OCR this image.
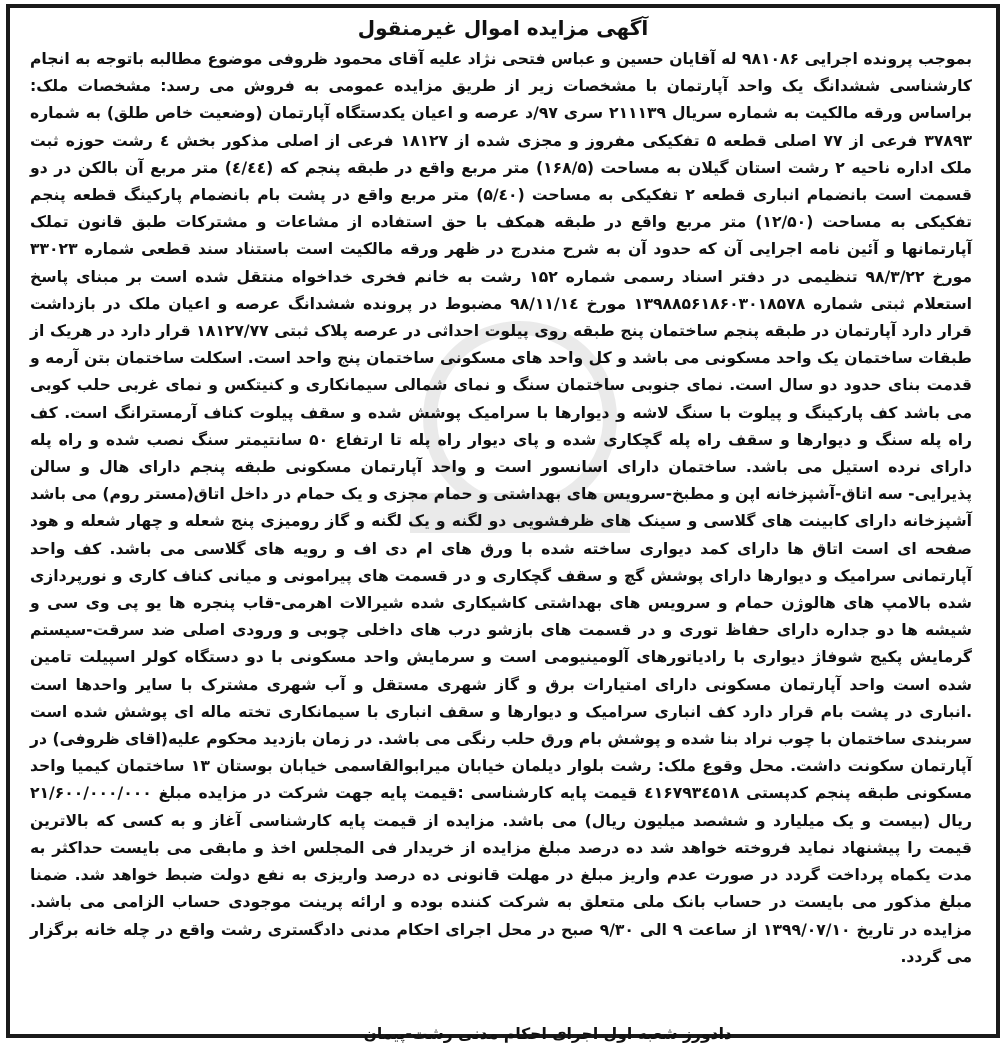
آگهی مزایده اموال غیرمنقول
بموجب پرونده اجرایی ۹۸۱۰۸۶ له آقایان حسین و عباس فتحی نژاد علیه آقای محمود ظروفی موضوع مطالبه باتوجه به انجام کارشناسی ششدانگ یک واحد آپارتمان با مشخصات زیر از طریق مزایده عمومی به فروش می رسد: مشخصات ملک: براساس ورقه مالکیت به شماره سریال ۲۱۱۱۳۹ سری ۹۷/د عرصه و اعیان یکدستگاه آپارتمان (وضعیت خاص طلق) به شماره ۳۷۸۹۳ فرعی از ۷۷ اصلی قطعه ۵ تفکیکی مفروز و مجزی شده از ۱۸۱۲۷ فرعی از اصلی مذکور بخش ٤ رشت حوزه ثبت ملک اداره ناحیه ۲ رشت استان گیلان به مساحت (۱۶۸/۵) متر مربع واقع در طبقه پنجم که (٤/٤٤) متر مربع آن بالکن در دو قسمت است بانضمام انباری قطعه ۲ تفکیکی به مساحت (۵/٤۰) متر مربع واقع در پشت بام بانضمام پارکینگ قطعه پنجم تفکیکی به مساحت (۱۲/۵۰) متر مربع واقع در طبقه همکف با حق استفاده از مشاعات و مشترکات طبق قانون تملک آپارتمانها و آئین نامه اجرایی آن که حدود آن به شرح مندرج در ظهر ورقه مالکیت است باستناد سند قطعی شماره ۳۳۰۲۳ مورخ ۹۸/۳/۲۲ تنظیمی در دفتر اسناد رسمی شماره ۱۵۲ رشت به خانم فخری خداخواه منتقل شده است بر مبنای پاسخ استعلام ثبتی شماره ۱۳۹۸۸۵۶۱۸۶۰۳۰۱۸۵۷۸ مورخ ۹۸/۱۱/۱٤ مضبوط در پرونده ششدانگ عرصه و اعیان ملک در بازداشت قرار دارد آپارتمان در طبقه پنجم ساختمان پنج طبقه روی پیلوت احداثی در عرصه پلاک ثبتی ۱۸۱۲۷/۷۷ قرار دارد در هریک از طبقات ساختمان یک واحد مسکونی می باشد و کل واحد های مسکونی ساختمان پنج واحد است. اسکلت ساختمان بتن آرمه و قدمت بنای حدود دو سال است. نمای جنوبی ساختمان سنگ و نمای شمالی سیمانکاری و کنیتکس و نمای غربی حلب کوبی می باشد کف پارکینگ و پیلوت با سنگ لاشه و دیوارها با سرامیک پوشش شده و سقف پیلوت کناف آرمسترانگ است. کف راه پله سنگ و دیوارها و سقف راه پله گچکاری شده و پای دیوار راه پله تا ارتفاع ۵۰ سانتیمتر سنگ نصب شده و راه پله دارای نرده استیل می باشد. ساختمان دارای اسانسور است و واحد آپارتمان مسکونی طبقه پنجم دارای هال و سالن پذیرایی- سه اتاق-آشپزخانه اپن و مطبخ-سرویس های بهداشتی و حمام مجزی و یک حمام در داخل اتاق(مستر روم) می باشد آشپزخانه دارای کابینت های گلاسی و سینک های ظرفشویی دو لگنه و یک لگنه و گاز رومیزی پنج شعله و چهار شعله و هود صفحه ای است اتاق ها دارای کمد دیواری ساخته شده با ورق های ام دی اف و رویه های گلاسی می باشد. کف واحد آپارتمانی سرامیک و دیوارها دارای پوشش گچ و سقف گچکاری و در قسمت های پیرامونی و میانی کناف کاری و نورپردازی شده بالامپ های هالوژن حمام و سرویس های بهداشتی کاشیکاری شده شیرالات اهرمی-قاب پنجره ها یو پی وی سی و شیشه ها دو جداره دارای حفاظ توری و در قسمت های بازشو درب های داخلی چوبی و ورودی اصلی ضد سرقت-سیستم گرمایش پکیج شوفاژ دیواری با رادیاتورهای آلومینیومی است و سرمایش واحد مسکونی با دو دستگاه کولر اسپیلت تامین شده است واحد آپارتمان مسکونی دارای امتیارات برق و گاز شهری مستقل و آب شهری مشترک با سایر واحدها است .انباری در پشت بام قرار دارد کف انباری سرامیک و دیوارها و سقف انباری با سیمانکاری تخته ماله ای پوشش شده است سربندی ساختمان با چوب نراد بنا شده و پوشش بام ورق حلب رنگی می باشد. در زمان بازدید محکوم علیه(اقای ظروفی) در آپارتمان سکونت داشت. محل وقوع ملک: رشت بلوار دیلمان خیابان میرابوالقاسمی خیابان بوستان ۱۳ ساختمان کیمیا واحد مسکونی طبقه پنجم کدپستی ٤۱۶۷۹۳٤۵۱۸ قیمت پایه کارشناسی :قیمت پایه جهت شرکت در مزایده مبلغ ۲۱/۶۰۰/۰۰۰/۰۰۰ ریال (بیست و یک میلیارد و ششصد میلیون ریال) می باشد. مزایده از قیمت پایه کارشناسی آغاز و به کسی که بالاترین قیمت را پیشنهاد نماید فروخته خواهد شد ده درصد مبلغ مزایده از خریدار فی المجلس اخذ و مابقی می بایست حداکثر به مدت یکماه پرداخت گردد در صورت عدم واریز مبلغ در مهلت قانونی ده درصد واریزی به نفع دولت ضبط خواهد شد. ضمنا مبلغ مذکور می بایست در حساب بانک ملی متعلق به شرکت کننده بوده و ارائه پرینت موجودی حساب الزامی می باشد. مزایده در تاریخ ۱۳۹۹/۰۷/۱۰ از ساعت ۹ الی ۹/۳۰ صبح در محل اجرای احکام مدنی دادگستری رشت واقع در چله خانه برگزار می گردد.
دادورز شعبه اول اجرای احکام مدنی رشت-پیمان
